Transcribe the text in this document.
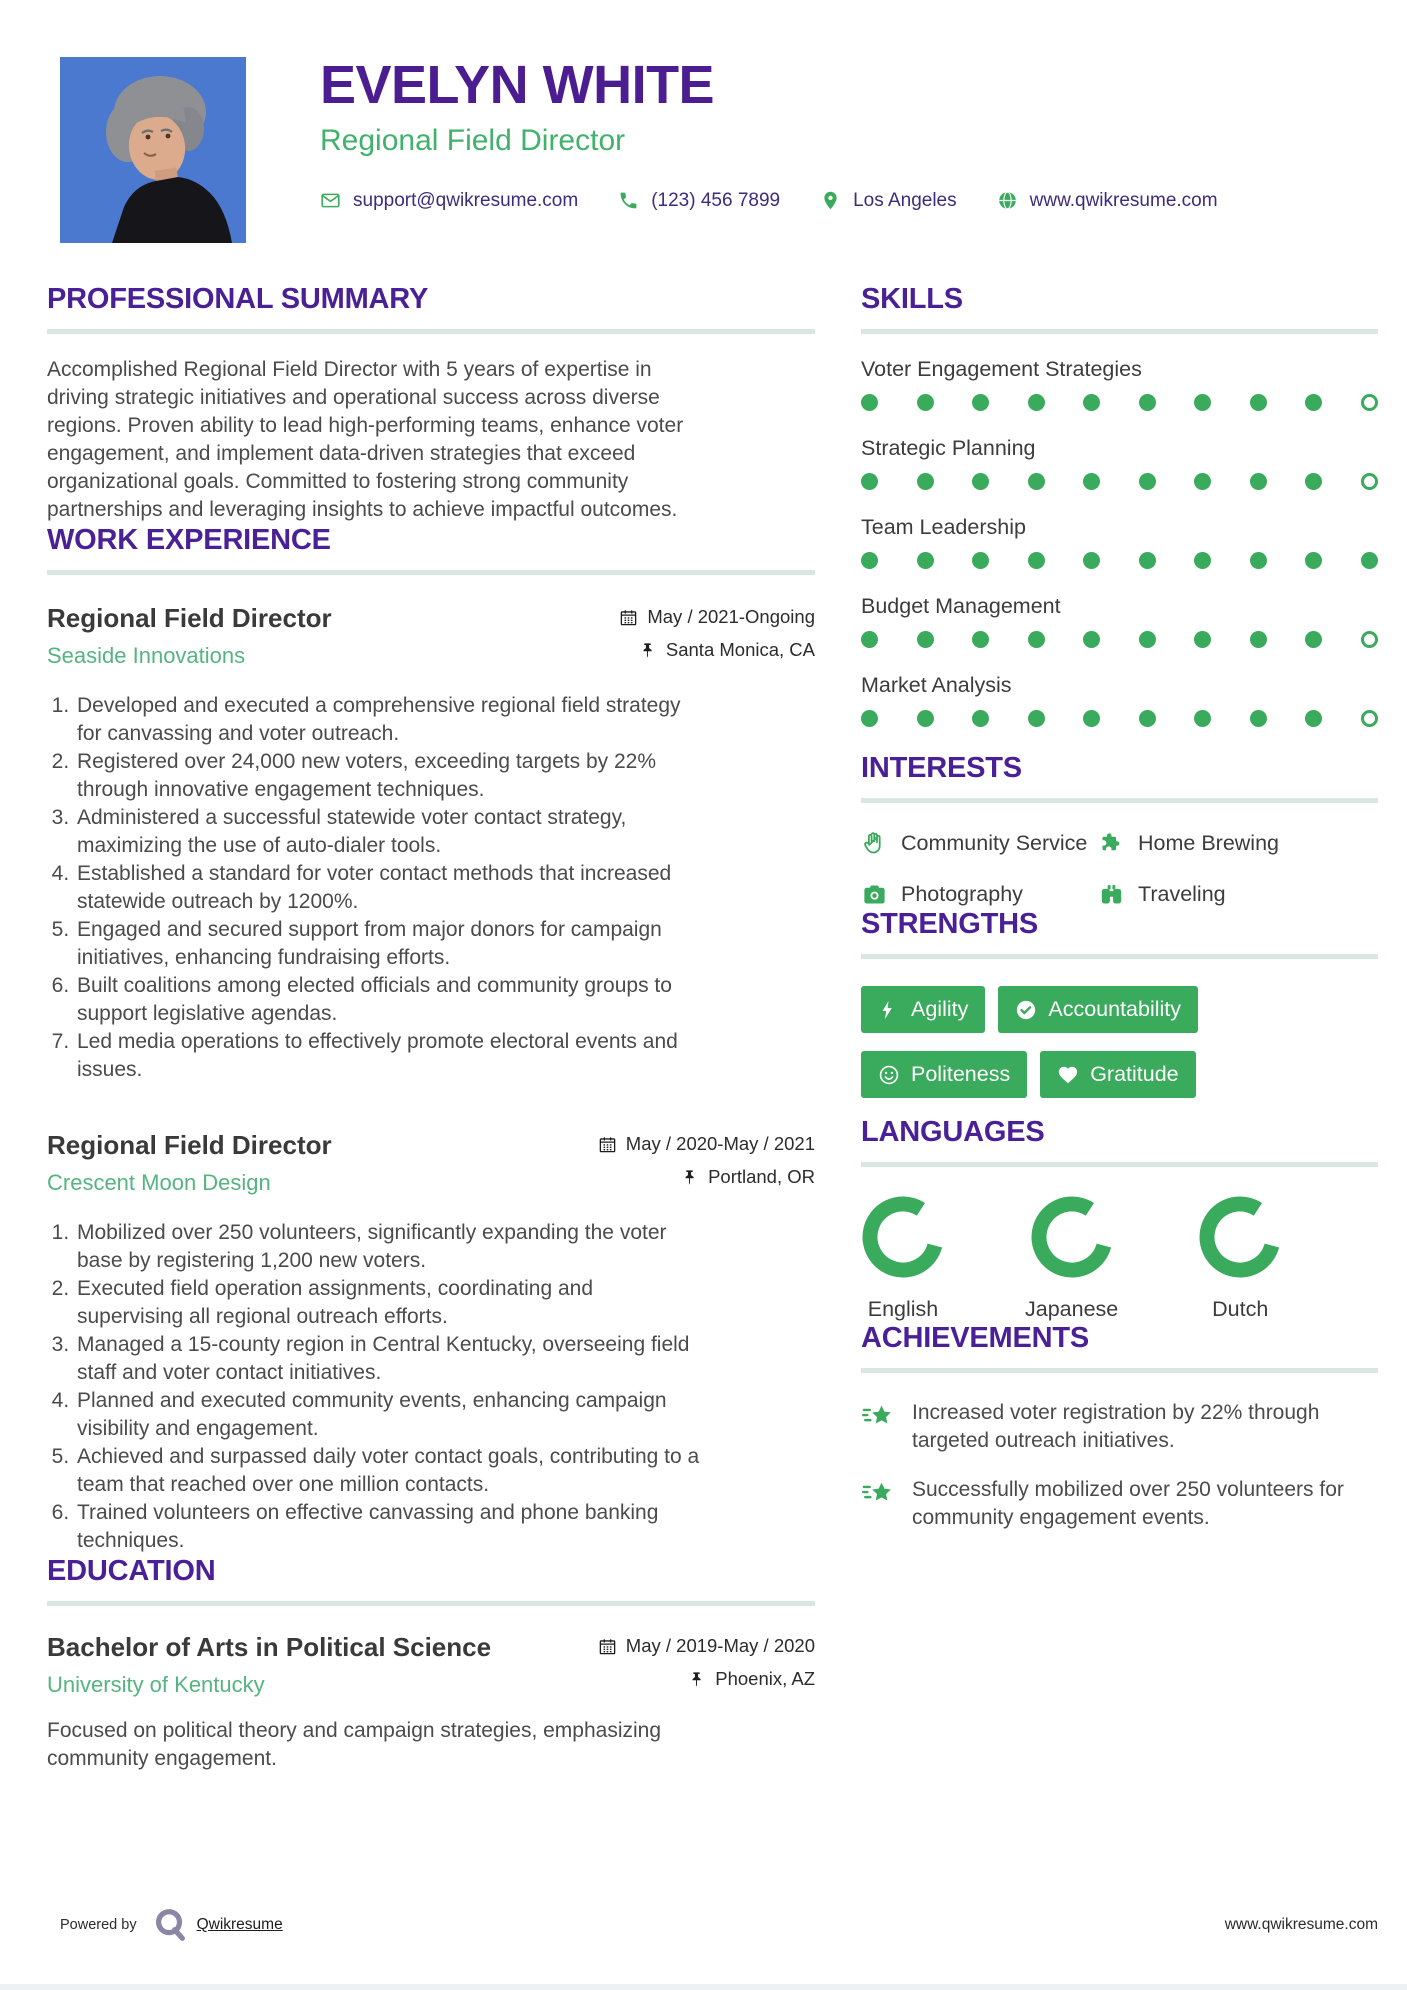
EVELYN WHITE
Regional Field Director
support@qwikresume.com	(123) 456 7899	Los Angeles	www.qwikresume.com
PROFESSIONAL SUMMARY

Accomplished Regional Field Director with 5 years of expertise in driving strategic initiatives and operational success across diverse regions. Proven ability to lead high-performing teams, enhance voter engagement, and implement data-driven strategies that exceed organizational goals. Committed to fostering strong community partnerships and leveraging insights to achieve impactful outcomes.

WORK EXPERIENCE
Regional Field Director
Seaside Innovations
May / 2021-Ongoing
Santa Monica, CA
1. Developed and executed a comprehensive regional field strategy for canvassing and voter outreach.
2. Registered over 24,000 new voters, exceeding targets by 22% through innovative engagement techniques.
3. Administered a successful statewide voter contact strategy, maximizing the use of auto-dialer tools.
4. Established a standard for voter contact methods that increased statewide outreach by 1200%.
5. Engaged and secured support from major donors for campaign initiatives, enhancing fundraising efforts.
6. Built coalitions among elected officials and community groups to support legislative agendas.
7. Led media operations to effectively promote electoral events and issues.
Regional Field Director
Crescent Moon Design
May / 2020-May / 2021
Portland, OR
1. Mobilized over 250 volunteers, significantly expanding the voter base by registering 1,200 new voters.
2. Executed field operation assignments, coordinating and supervising all regional outreach efforts.
3. Managed a 15-county region in Central Kentucky, overseeing field staff and voter contact initiatives.
4. Planned and executed community events, enhancing campaign visibility and engagement.
5. Achieved and surpassed daily voter contact goals, contributing to a team that reached over one million contacts.
6. Trained volunteers on effective canvassing and phone banking techniques.
EDUCATION
Bachelor of Arts in Political Science
University of Kentucky
May / 2019-May / 2020
Phoenix, AZ

Focused on political theory and campaign strategies, emphasizing community engagement.

SKILLS
Voter Engagement Strategies
Strategic Planning
Team Leadership
Budget Management
Market Analysis
INTERESTS
Community Service Home Brewing
Photography	Traveling
STRENGTHS
Agility	Accountability
Politeness	Gratitude
LANGUAGES
English	Japanese	Dutch
ACHIEVEMENTS

Increased voter registration by 22% through targeted outreach initiatives.

Successfully mobilized over 250 volunteers for community engagement events.

Powered by	Qwikresume	www.qwikresume.com
